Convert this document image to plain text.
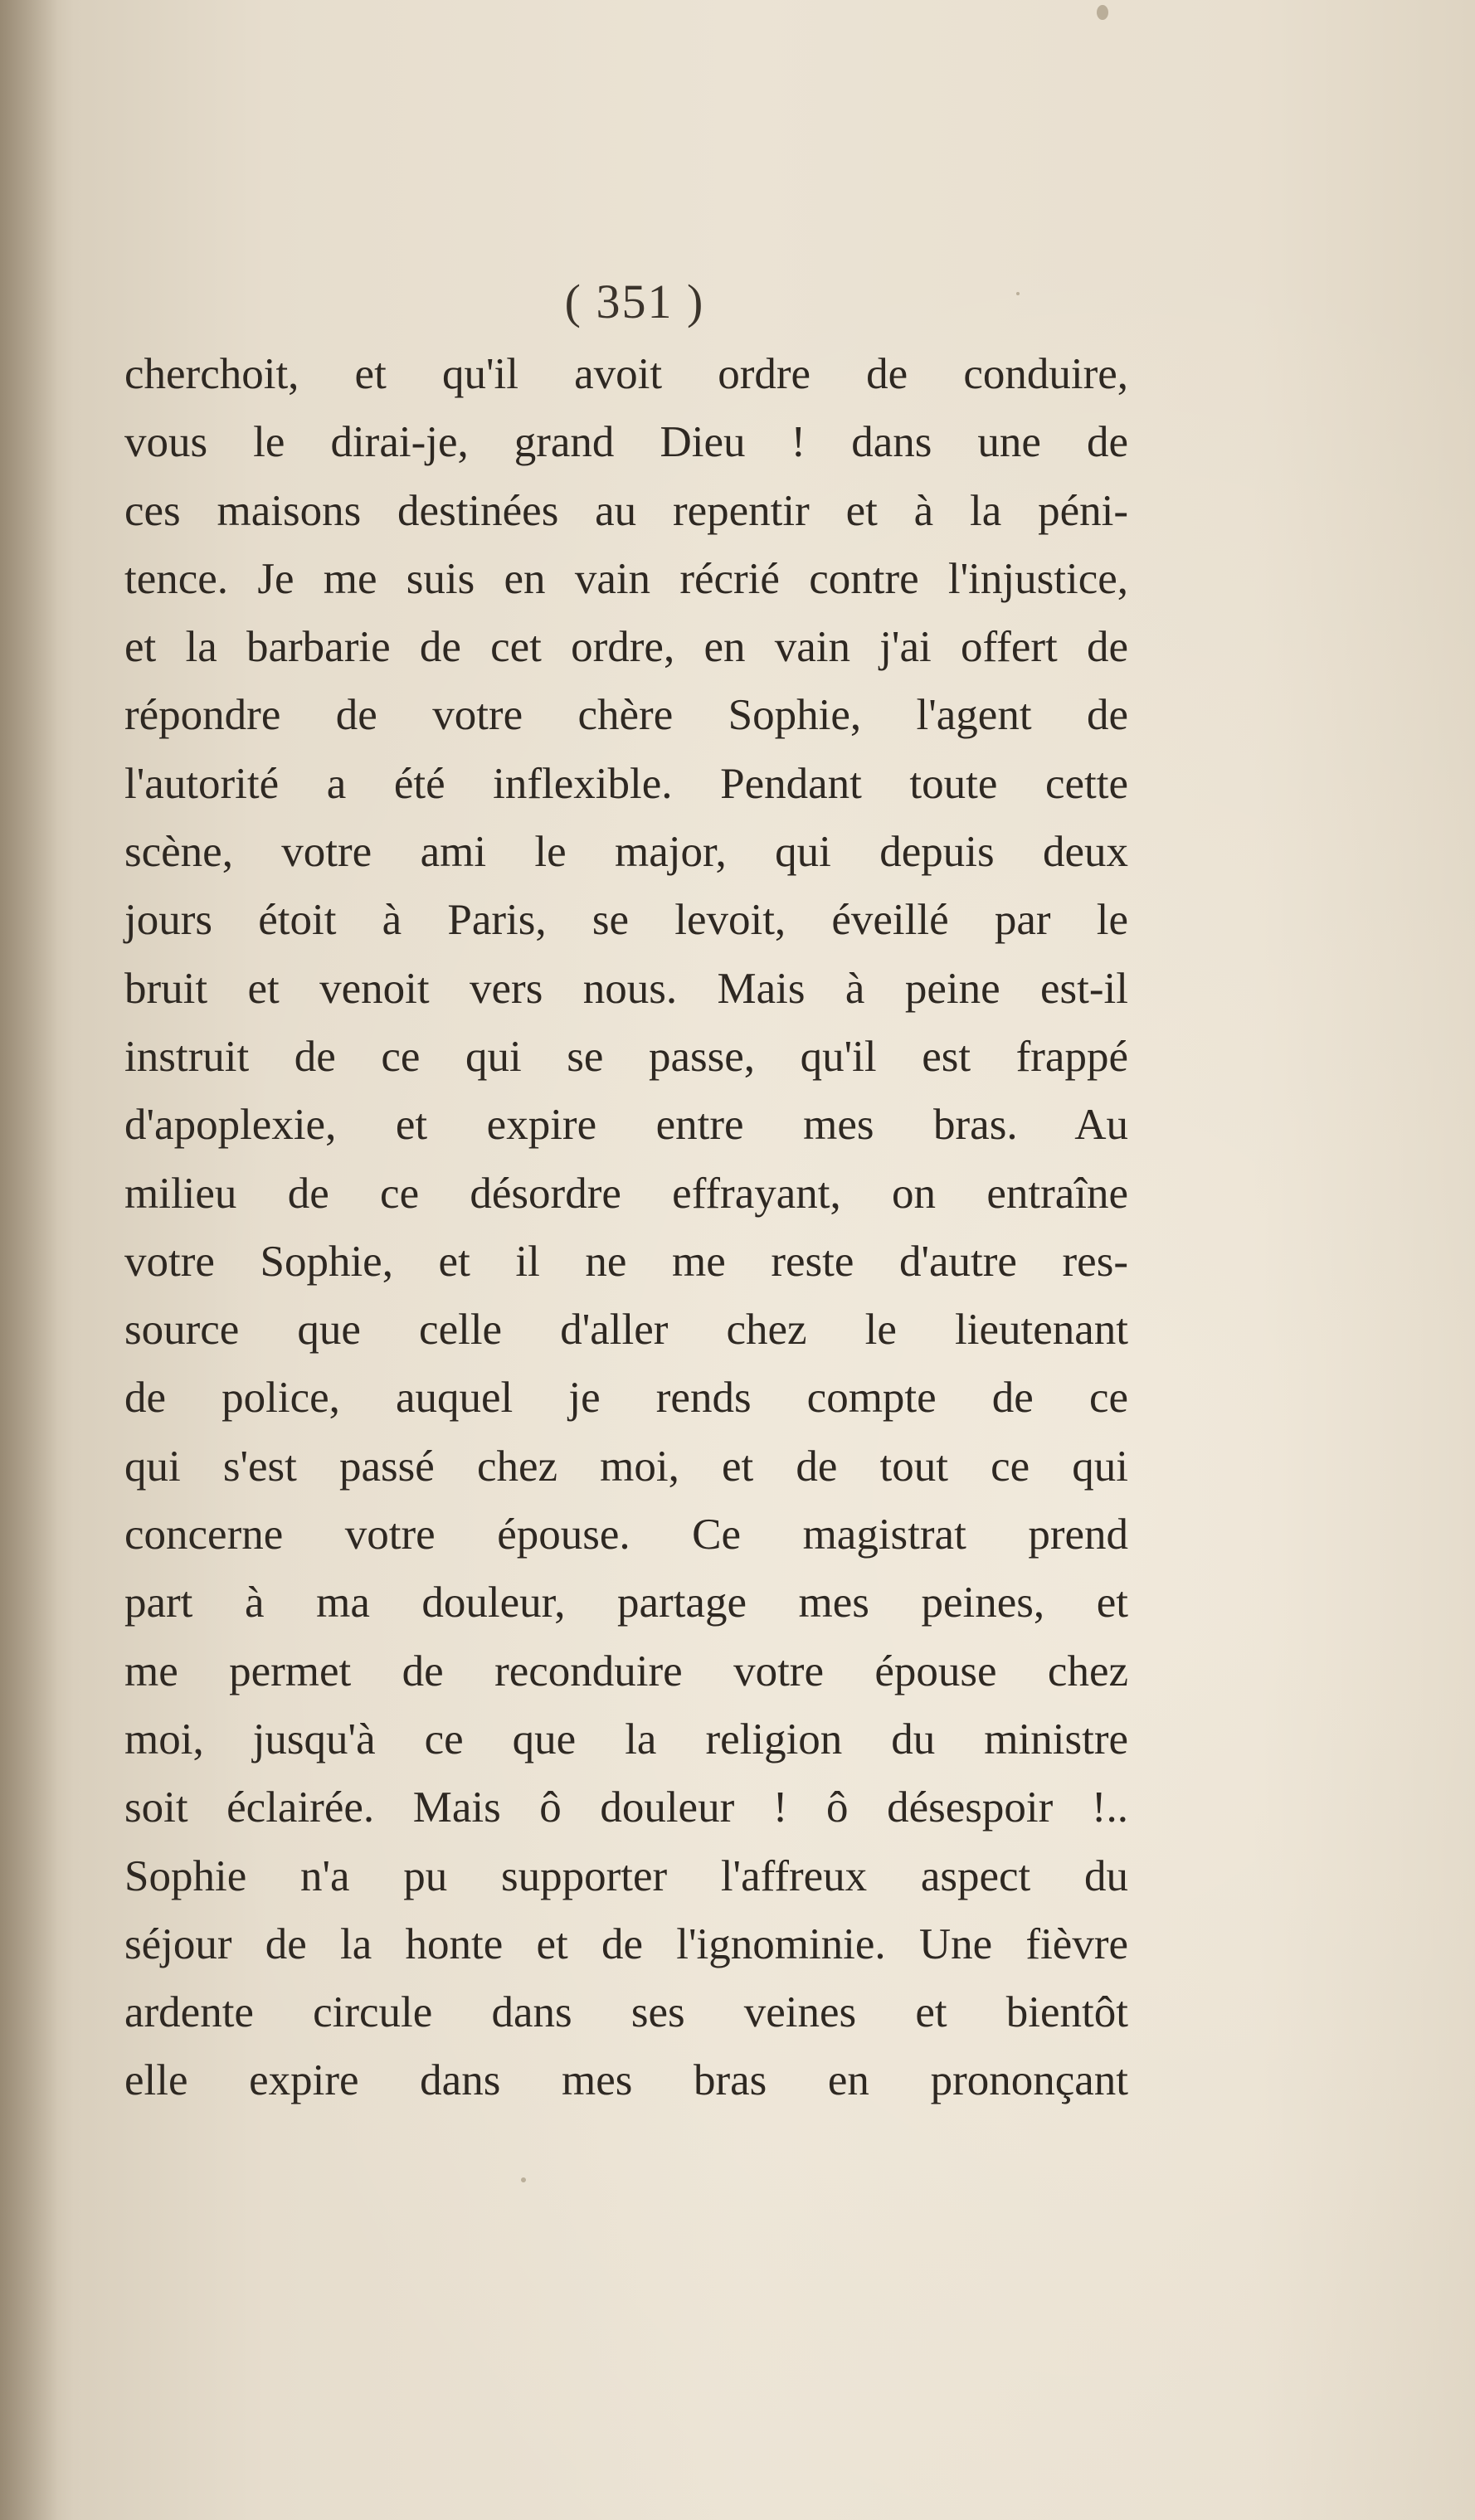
( 351 )
cherchoit, et qu'il avoit ordre de conduire,
vous le dirai-je, grand Dieu ! dans une de
ces maisons destinées au repentir et à la péni-
tence. Je me suis en vain récrié contre l'injustice,
et la barbarie de cet ordre, en vain j'ai offert de
répondre de votre chère Sophie, l'agent de
l'autorité a été inflexible. Pendant toute cette
scène, votre ami le major, qui depuis deux
jours étoit à Paris, se levoit, éveillé par le
bruit et venoit vers nous. Mais à peine est-il
instruit de ce qui se passe, qu'il est frappé
d'apoplexie, et expire entre mes bras. Au
milieu de ce désordre effrayant, on entraîne
votre Sophie, et il ne me reste d'autre res-
source que celle d'aller chez le lieutenant
de police, auquel je rends compte de ce
qui s'est passé chez moi, et de tout ce qui
concerne votre épouse. Ce magistrat prend
part à ma douleur, partage mes peines, et
me permet de reconduire votre épouse chez
moi, jusqu'à ce que la religion du ministre
soit éclairée. Mais ô douleur ! ô désespoir !..
Sophie n'a pu supporter l'affreux aspect du
séjour de la honte et de l'ignominie. Une fièvre
ardente circule dans ses veines et bientôt
elle expire dans mes bras en prononçant
